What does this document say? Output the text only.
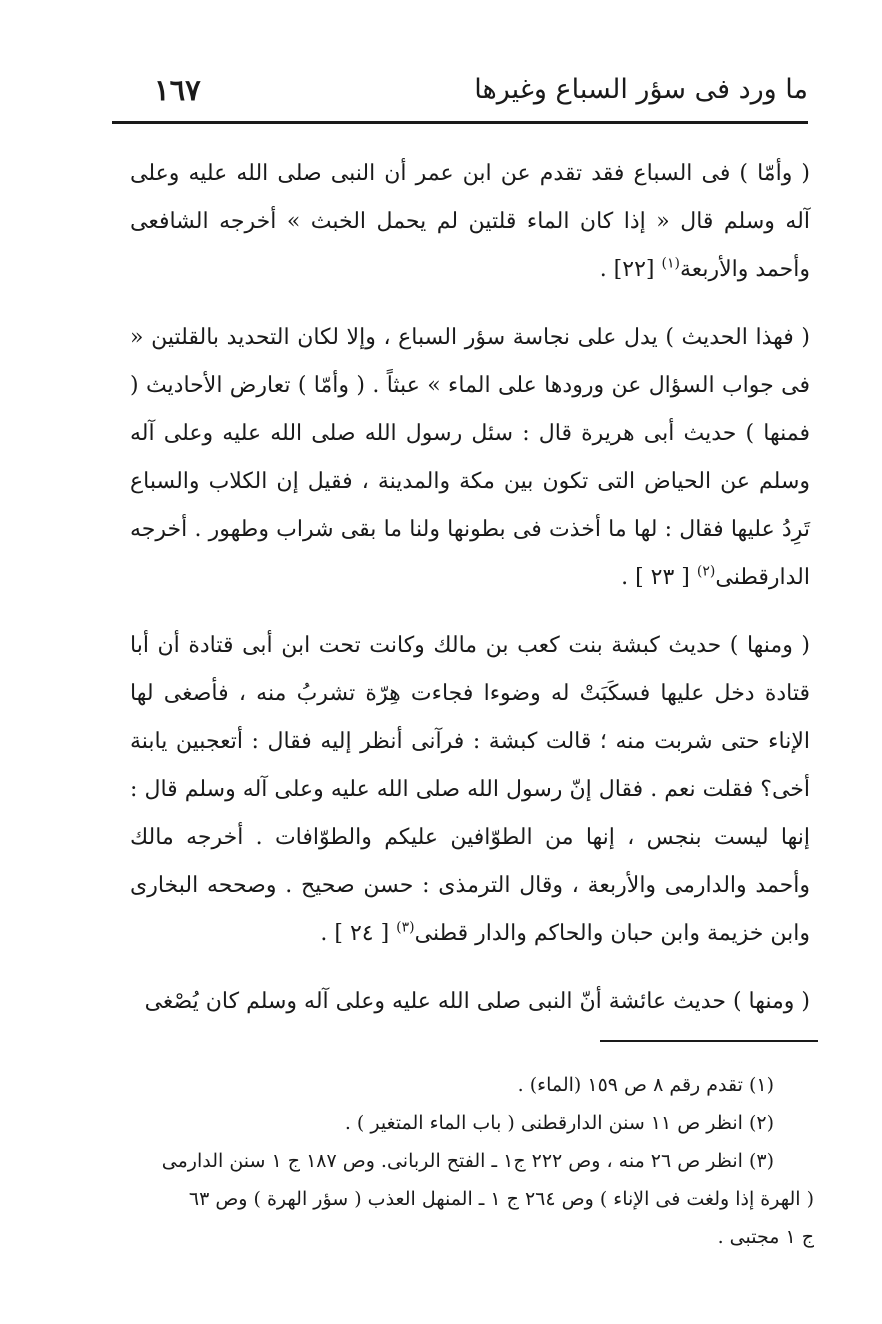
ما ورد فى سؤر السباع وغيرها
١٦٧

( وأمّا ) فى السباع فقد تقدم عن ابن عمر أن النبى صلى الله عليه وعلى آله وسلم قال « إذا كان الماء قلتين لم يحمل الخبث » أخرجه الشافعى وأحمد والأربعة$^{(١)}$ [٢٢] .

( فهذا الحديث ) يدل على نجاسة سؤر السباع ، وإلا لكان التحديد بالقلتين « فى جواب السؤال عن ورودها على الماء » عبثاً . ( وأمّا ) تعارض الأحاديث ( فمنها ) حديث أبى هريرة قال : سئل رسول الله صلى الله عليه وعلى آله وسلم عن الحياض التى تكون بين مكة والمدينة ، فقيل إن الكلاب والسباع تَرِدُ عليها فقال : لها ما أخذت فى بطونها ولنا ما بقى شراب وطهور . أخرجه الدارقطنى$^{(٢)}$ [ ٢٣ ] .

( ومنها ) حديث كبشة بنت كعب بن مالك وكانت تحت ابن أبى قتادة أن أبا قتادة دخل عليها فسكَبَتْ له وضوءا فجاءت هِرّة تشربُ منه ، فأصغى لها الإناء حتى شربت منه ؛ قالت كبشة : فرآنى أنظر إليه فقال : أتعجبين يابنة أخى؟ فقلت نعم . فقال إنّ رسول الله صلى الله عليه وعلى آله وسلم قال : إنها ليست بنجس ، إنها من الطوّافين عليكم والطوّافات . أخرجه مالك وأحمد والدارمى والأربعة ، وقال الترمذى : حسن صحيح . وصححه البخارى وابن خزيمة وابن حبان والحاكم والدار قطنى$^{(٣)}$ [ ٢٤ ] .

( ومنها ) حديث عائشة أنّ النبى صلى الله عليه وعلى آله وسلم كان يُصْغى

(١) تقدم رقم ٨ ص ١٥٩ (الماء) .

(٢) انظر ص ١١ سنن الدارقطنى ( باب الماء المتغير ) .

(٣) انظر ص ٢٦ منه ، وص ٢٢٢ ج١ ـ الفتح الربانى. وص ١٨٧ ج ١ سنن الدارمى

( الهرة إذا ولغت فى الإناء ) وص ٢٦٤ ج ١ ـ المنهل العذب ( سؤر الهرة ) وص ٦٣

ج ١ مجتبى .
